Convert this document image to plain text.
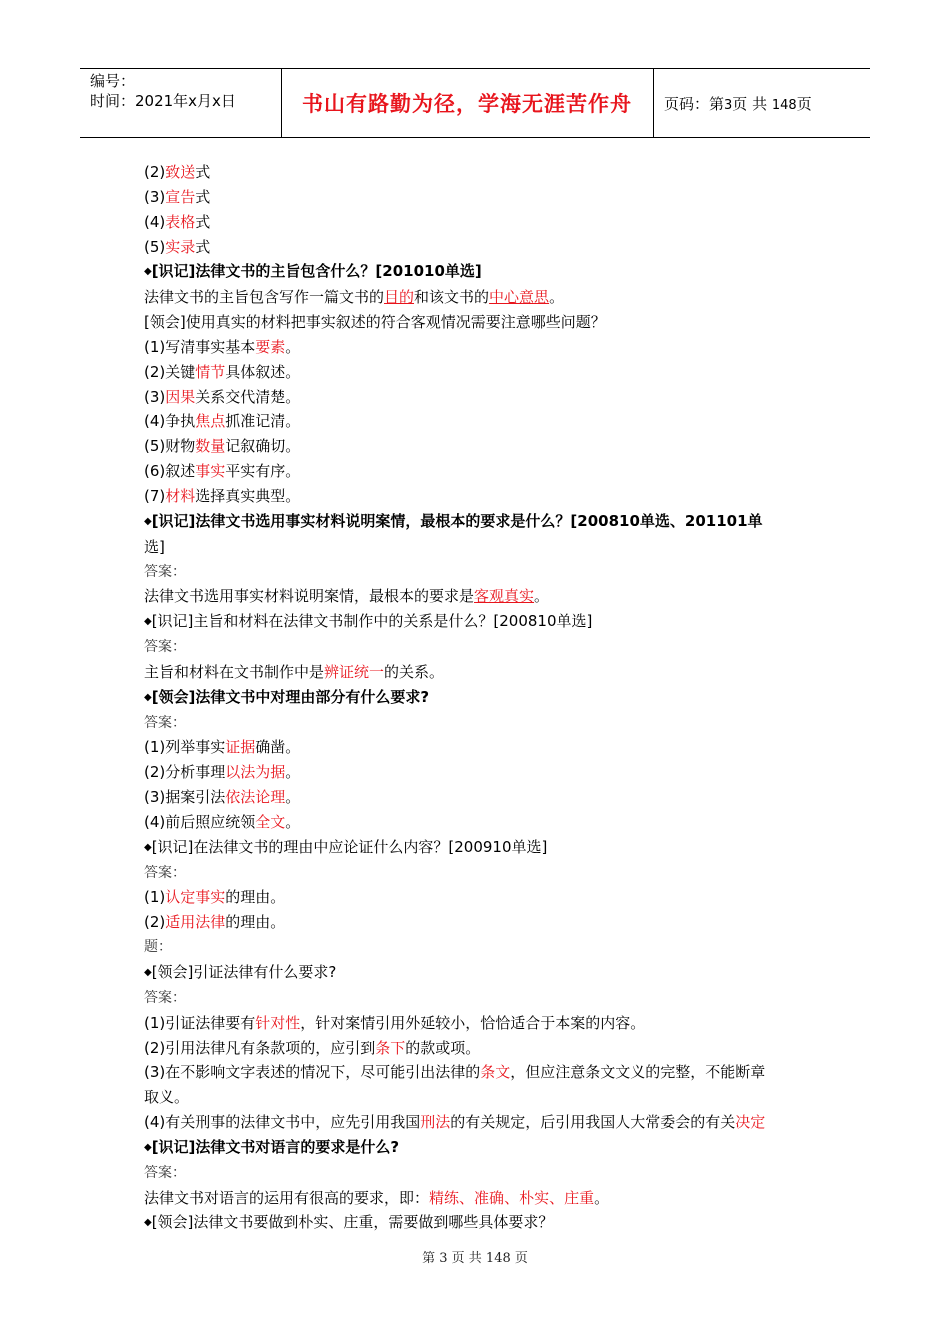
编号：
时间：2021年x月x日	书山有路勤为径，学海无涯苦作舟	页码：第3页 共 148页
(2)致送式
(3)宣告式
(4)表格式
(5)实录式
◆[识记]法律文书的主旨包含什么？[201010单选]
法律文书的主旨包含写作一篇文书的目的和该文书的中心意思。
[领会]使用真实的材料把事实叙述的符合客观情况需要注意哪些问题？
(1)写清事实基本要素。
(2)关键情节具体叙述。
(3)因果关系交代清楚。
(4)争执焦点抓准记清。
(5)财物数量记叙确切。
(6)叙述事实平实有序。
(7)材料选择真实典型。
◆[识记]法律文书选用事实材料说明案情，最根本的要求是什么？[200810单选、201101单
选]
答案：
法律文书选用事实材料说明案情，最根本的要求是客观真实。
◆[识记]主旨和材料在法律文书制作中的关系是什么？[200810单选]
答案：
主旨和材料在文书制作中是辨证统一的关系。
◆[领会]法律文书中对理由部分有什么要求?
答案：
(1)列举事实证据确凿。
(2)分析事理以法为据。
(3)据案引法依法论理。
(4)前后照应统领全文。
◆[识记]在法律文书的理由中应论证什么内容？[200910单选]
答案：
(1)认定事实的理由。
(2)适用法律的理由。
题：
◆[领会]引证法律有什么要求?
答案：
(1)引证法律要有针对性，针对案情引用外延较小，恰恰适合于本案的内容。
(2)引用法律凡有条款项的，应引到条下的款或项。
(3)在不影响文字表述的情况下，尽可能引出法律的条文，但应注意条文文义的完整，不能断章
取义。
(4)有关刑事的法律文书中，应先引用我国刑法的有关规定，后引用我国人大常委会的有关决定
◆[识记]法律文书对语言的要求是什么?
答案：
法律文书对语言的运用有很高的要求，即：精练、准确、朴实、庄重。
◆[领会]法律文书要做到朴实、庄重，需要做到哪些具体要求？
第 3 页 共 148 页
